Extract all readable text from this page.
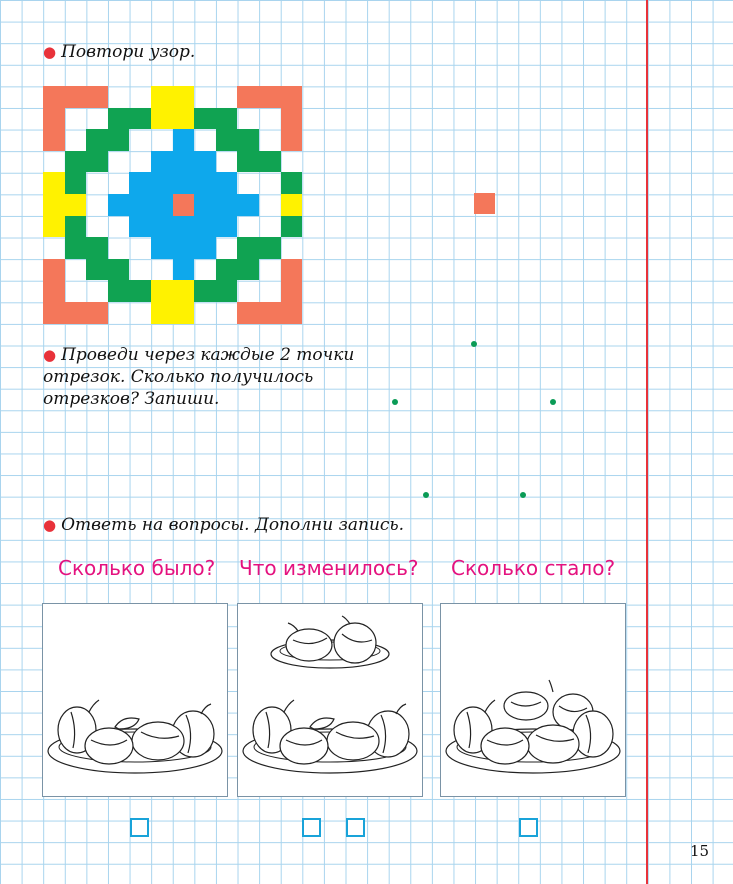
● Повтори узор.
● Проведи через каждые 2 точки
отрезок. Сколько получилось
отрезков? Запиши.
● Ответь на вопросы. Дополни запись.
Сколько было? Что изменилось? Сколько стало?
15
